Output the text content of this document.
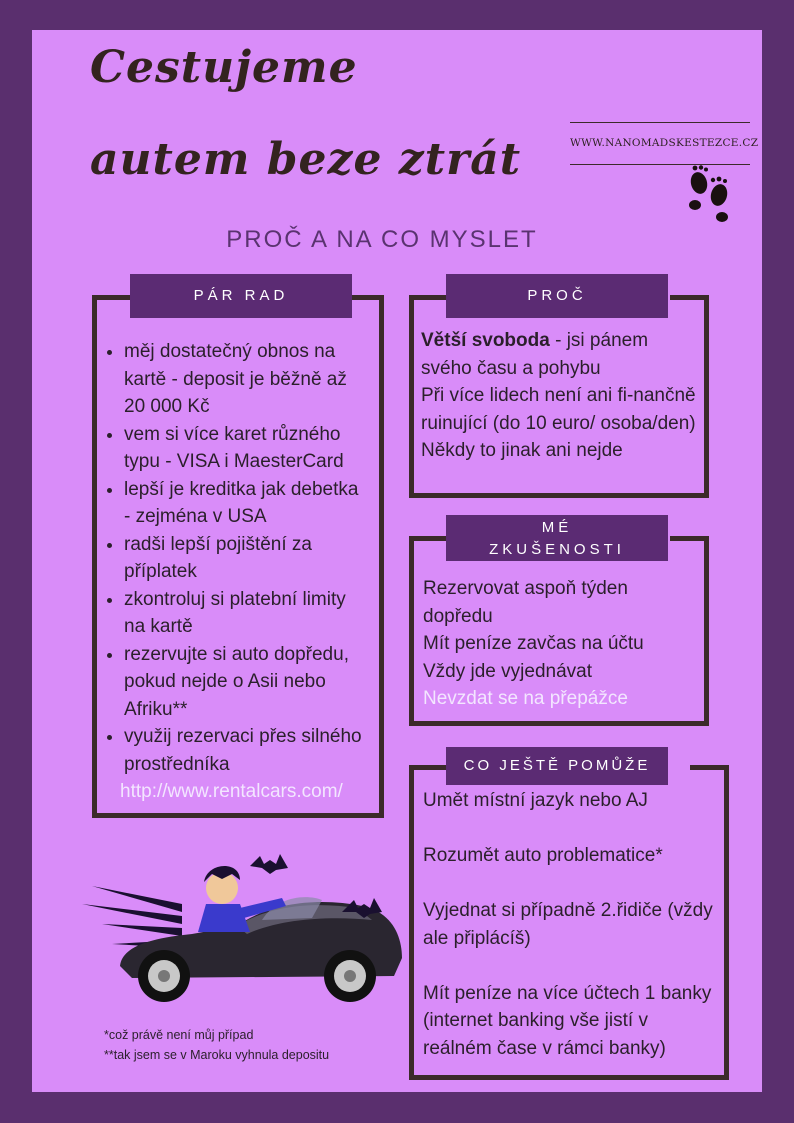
Cestujeme
autem beze ztrát	WWW.NANOMADSKESTEZCE.CZ
PROČ A NA CO MYSLET
PÁR RAD
• měj dostatečný obnos na kartě - deposit je běžně až 20 000 Kč
• vem si více karet různého typu - VISA i MaesterCard
• lepší je kreditka jak debetka - zejména v USA
• radši lepší pojištění za příplatek
• zkontroluj si platební limity na kartě
• rezervujte si auto dopředu, pokud nejde o Asii nebo Afriku**
• využij rezervaci přes silného prostředníka
http://www.rentalcars.com/
PROČ
Větší svoboda - jsi pánem svého času a pohybu
Při více lidech není ani fi-nančně ruinující (do 10 euro/ osoba/den)
Někdy to jinak ani nejde
MÉ
ZKUŠENOSTI
Rezervovat aspoň týden dopředu
Mít peníze zavčas na účtu
Vždy jde vyjednávat
Nevzdat se na přepážce
CO JEŠTĚ POMŮŽE
Umět místní jazyk nebo AJ
Rozumět auto problematice*
Vyjednat si případně 2.řidiče (vždy ale připlácíš)
Mít peníze na více účtech 1 banky (internet banking vše jistí v reálném čase v rámci banky)
*což právě není můj případ
**tak jsem se v Maroku vyhnula depositu
